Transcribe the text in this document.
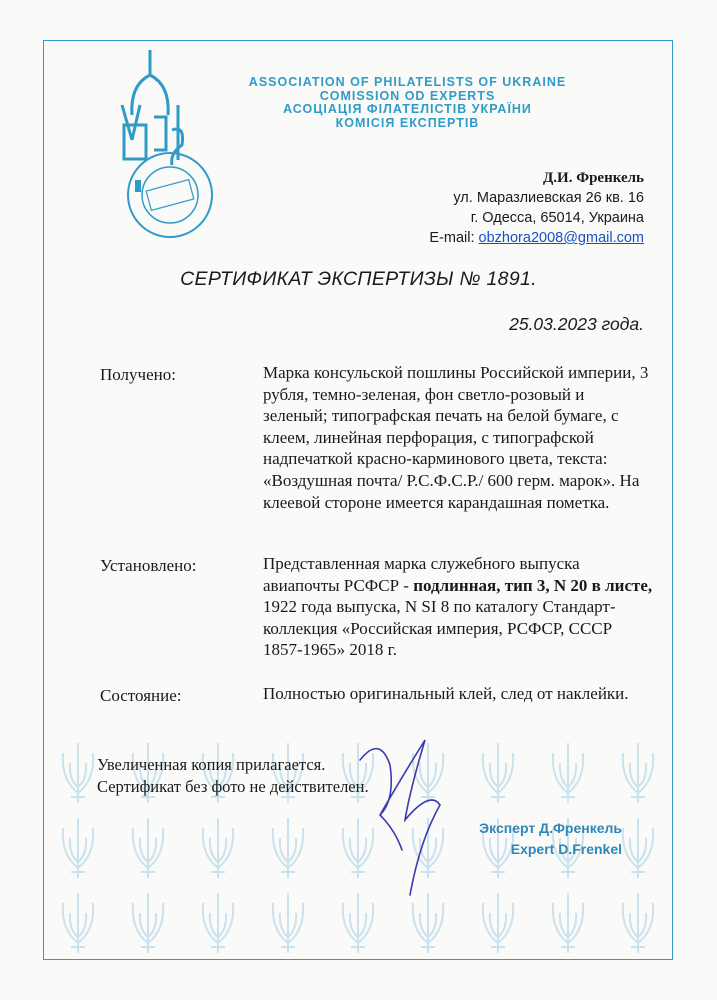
ASSOCIATION OF PHILATELISTS OF UKRAINE
COMISSION OD EXPERTS
АСОЦІАЦІЯ ФІЛАТЕЛІСТІВ УКРАЇНИ
КОМІСІЯ ЕКСПЕРТІВ
Д.И. Френкель
ул. Маразлиевская 26 кв. 16
г. Одесса, 65014, Украина
E-mail: obzhora2008@gmail.com
СЕРТИФИКАТ ЭКСПЕРТИЗЫ № 1891.
25.03.2023 года.
Получено:	Марка консульской пошлины Российской империи, 3 рубля, темно-зеленая, фон светло-розовый и зеленый; типографская печать на белой бумаге, с клеем, линейная перфорация, с типографской надпечаткой красно-карминового цвета, текста: «Воздушная почта/ Р.С.Ф.С.Р./ 600 герм. марок». На клеевой стороне имеется карандашная пометка.
Установлено:	Представленная марка служебного выпуска авиапочты РСФСР - подлинная, тип 3, N 20 в листе, 1922 года выпуска, N SI 8 по каталогу Стандарт-коллекция «Российская империя, РСФСР, СССР 1857-1965» 2018 г.
Состояние:	Полностью оригинальный клей, след от наклейки.
Увеличенная копия прилагается.
Сертификат без фото не действителен.
Эксперт Д.Френкель
Expert D.Frenkel
